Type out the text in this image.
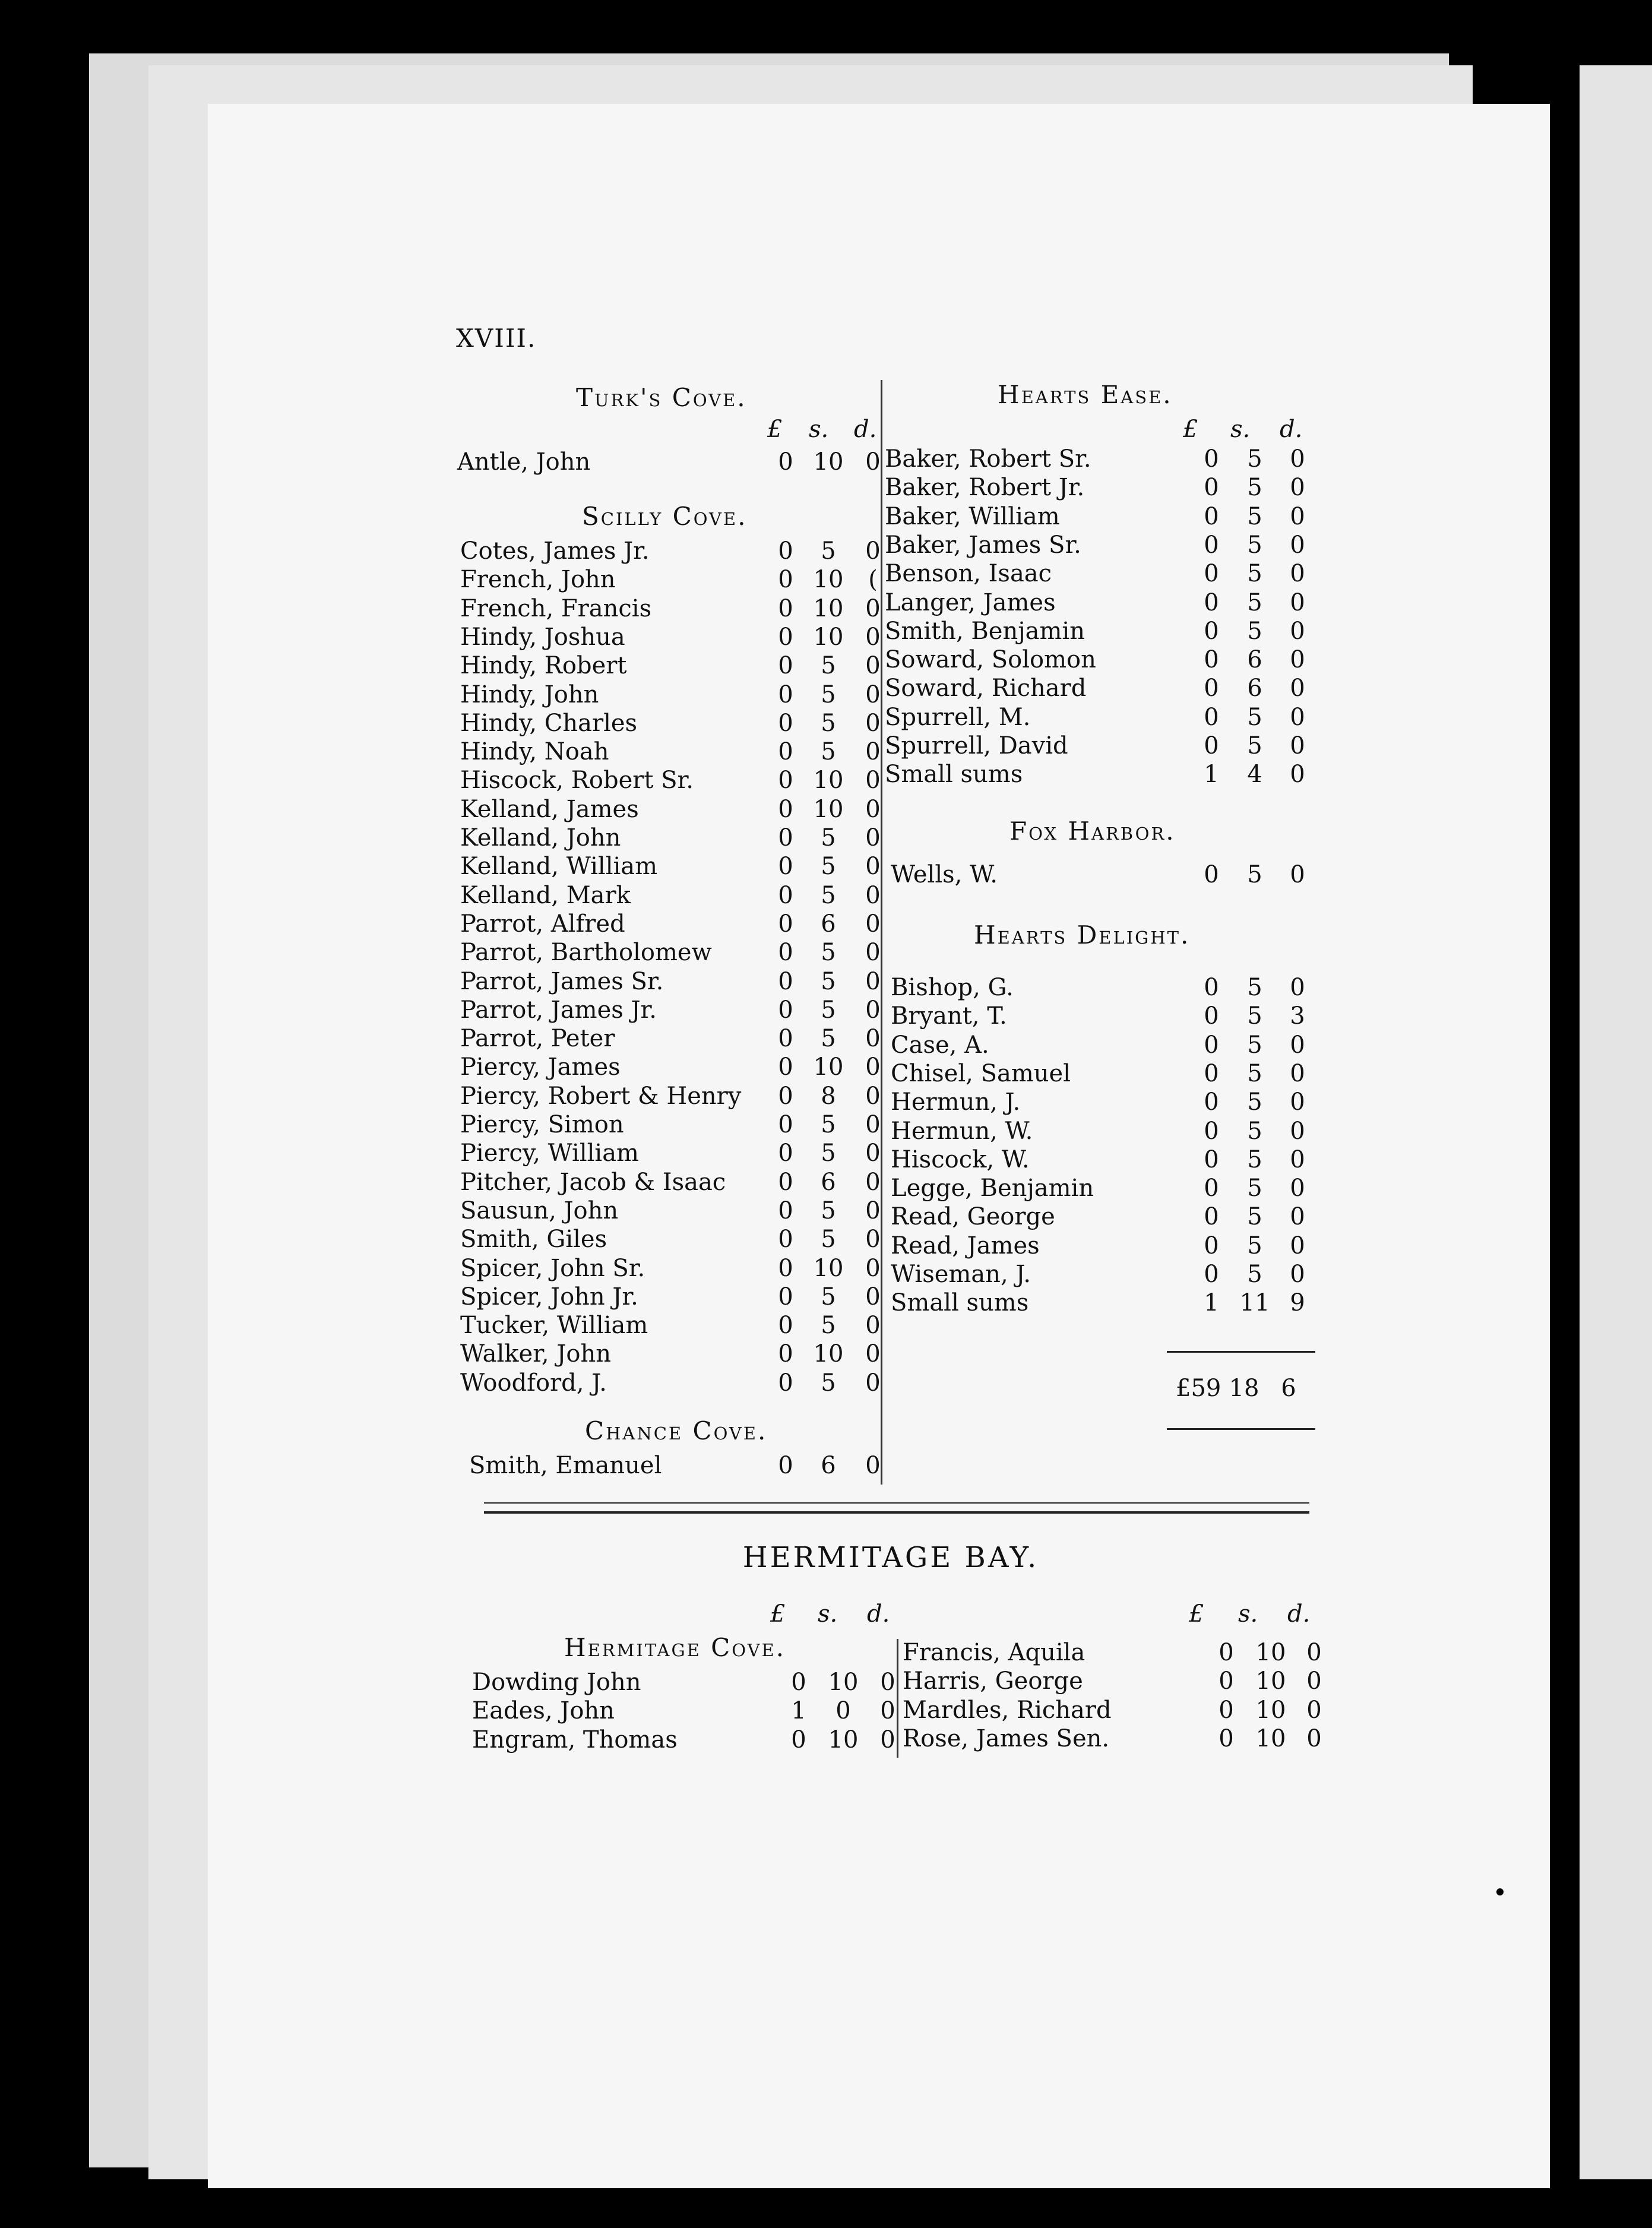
XVIII.
Turk's Cove.
£ s. d.
Antle, John	0 10 0
Scilly Cove.
Cotes, James Jr.	0	5	0
French, John	0 10	(
French, Francis	0 10 0
Hindy, Joshua	0 10 0
Hindy, Robert	0	5	0
Hindy, John	0	5	0
Hindy, Charles	0	5	0
Hindy, Noah	0	5	0
Hiscock, Robert Sr.	0 10 0
Kelland, James	0 10 0
Kelland, John	0	5	0
Kelland, William	0	5	0
Kelland, Mark	0	5	0
Parrot, Alfred	0	6	0
Parrot, Bartholomew	0	5	0
Parrot, James Sr.	0	5	0
Parrot, James Jr.	0	5	0
Parrot, Peter	0	5	0
Piercy, James	0 10 0
Piercy, Robert & Henry 0	8	0
Piercy, Simon	0	5	0
Piercy, William	0	5	0
Pitcher, Jacob & Isaac 0	6	0
Sausun, John	0	5	0
Smith, Giles	0	5	0
Spicer, John Sr.	0 10 0
Spicer, John Jr.	0	5	0
Tucker, William	0	5	0
Walker, John	0 10 0
Woodford, J.	0	5	0
Chance Cove.
Smith, Emanuel	0	6	0
Hearts Ease.
£ s. d.
Baker, Robert Sr.	0	5	0
Baker, Robert Jr.	0	5	0
Baker, William	0	5	0
Baker, James Sr.	0	5	0
Benson, Isaac	0	5	0
Langer, James	0	5	0
Smith, Benjamin	0	5	0
Soward, Solomon	0	6	0
Soward, Richard	0	6	0
Spurrell, M.	0	5	0
Spurrell, David	0	5	0
Small sums	1	4	0
Fox Harbor.
Wells, W.	0	5	0
Hearts Delight.
Bishop, G.	0	5	0
Bryant, T.	0	5	3
Case, A.	0	5	0
Chisel, Samuel	0	5	0
Hermun, J.	0	5	0
Hermun, W.	0	5	0
Hiscock, W.	0	5	0
Legge, Benjamin	0	5	0
Read, George	0	5	0
Read, James	0	5	0
Wiseman, J.	0	5	0
Small sums	1 11 9
£59 18 6
HERMITAGE BAY.
£ s. d.	£ s. d.
Hermitage Cove.
Dowding John	0 10 0
Eades, John	1	0	0
Engram, Thomas	0 10 0
Francis, Aquila	0 10 0
Harris, George	0 10 0
Mardles, Richard	0 10 0
Rose, James Sen.	0 10 0
